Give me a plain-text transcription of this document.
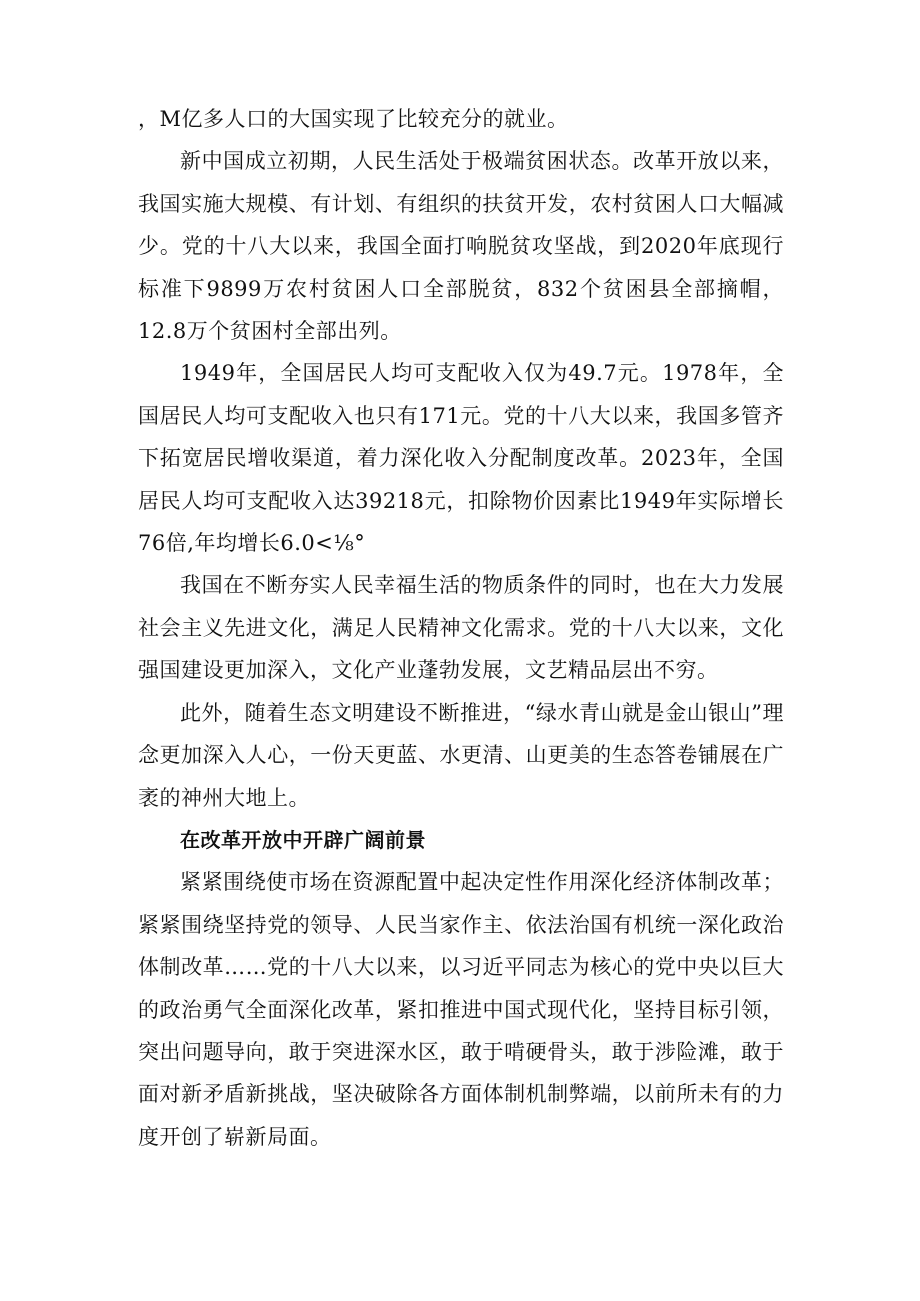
，M亿多人口的大国实现了比较充分的就业。

新中国成立初期，人民生活处于极端贫困状态。改革开放以来，我国实施大规模、有计划、有组织的扶贫开发，农村贫困人口大幅减少。党的十八大以来，我国全面打响脱贫攻坚战，到2020年底现行标准下9899万农村贫困人口全部脱贫，832个贫困县全部摘帽，12.8万个贫困村全部出列。

1949年，全国居民人均可支配收入仅为49.7元。1978年，全国居民人均可支配收入也只有171元。党的十八大以来，我国多管齐下拓宽居民增收渠道，着力深化收入分配制度改革。2023年，全国居民人均可支配收入达39218元，扣除物价因素比1949年实际增长76倍,年均增长6.0<⅛°

我国在不断夯实人民幸福生活的物质条件的同时，也在大力发展社会主义先进文化，满足人民精神文化需求。党的十八大以来，文化强国建设更加深入，文化产业蓬勃发展，文艺精品层出不穷。

此外，随着生态文明建设不断推进，“绿水青山就是金山银山”理念更加深入人心，一份天更蓝、水更清、山更美的生态答卷铺展在广袤的神州大地上。

在改革开放中开辟广阔前景

紧紧围绕使市场在资源配置中起决定性作用深化经济体制改革；紧紧围绕坚持党的领导、人民当家作主、依法治国有机统一深化政治体制改革……党的十八大以来，以习近平同志为核心的党中央以巨大的政治勇气全面深化改革，紧扣推进中国式现代化，坚持目标引领，突出问题导向，敢于突进深水区，敢于啃硬骨头，敢于涉险滩，敢于面对新矛盾新挑战，坚决破除各方面体制机制弊端，以前所未有的力度开创了崭新局面。
